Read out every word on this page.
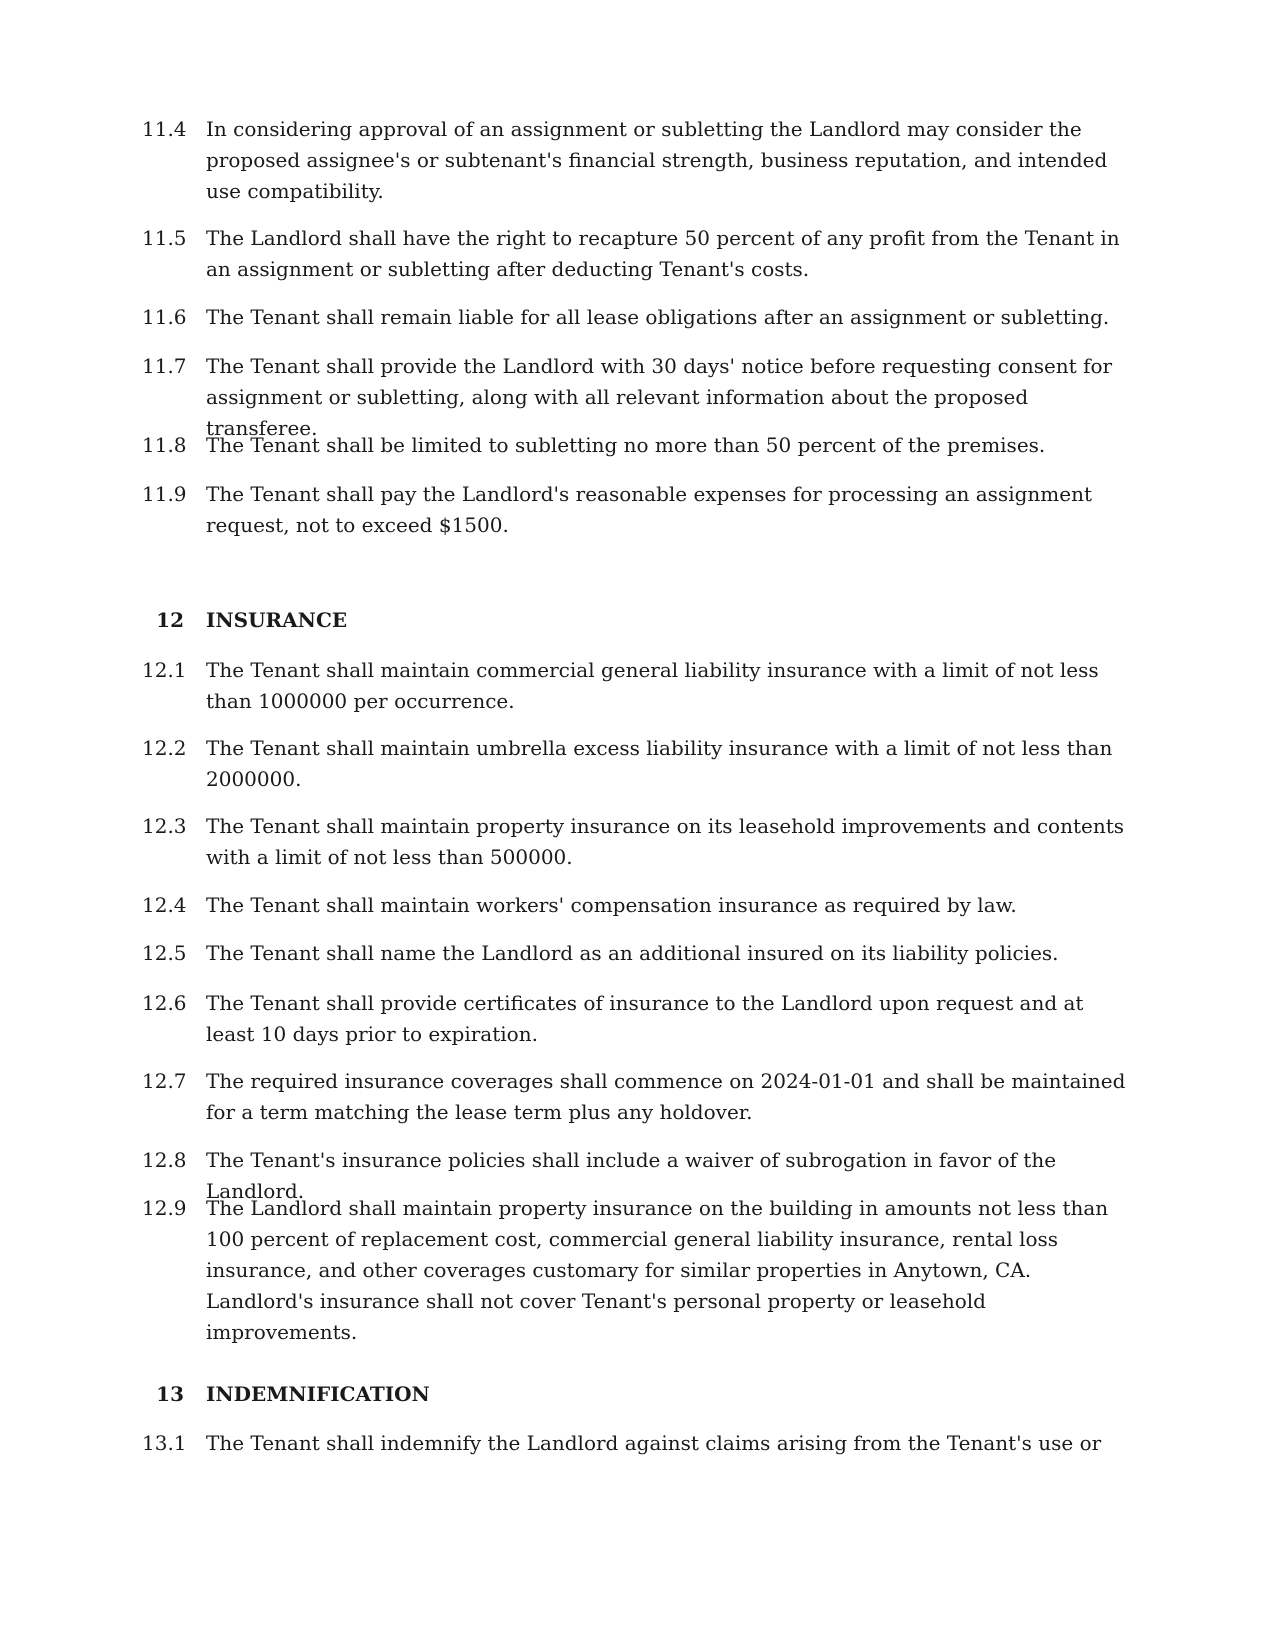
11.4 In considering approval of an assignment or subletting the Landlord may consider the proposed assignee's or subtenant's financial strength, business reputation, and intended use compatibility.
11.5 The Landlord shall have the right to recapture 50 percent of any profit from the Tenant in an assignment or subletting after deducting Tenant's costs.
11.6 The Tenant shall remain liable for all lease obligations after an assignment or subletting.
11.7 The Tenant shall provide the Landlord with 30 days' notice before requesting consent for assignment or subletting, along with all relevant information about the proposed transferee.
11.8 The Tenant shall be limited to subletting no more than 50 percent of the premises.
11.9 The Tenant shall pay the Landlord's reasonable expenses for processing an assignment request, not to exceed $1500.
12 INSURANCE
12.1 The Tenant shall maintain commercial general liability insurance with a limit of not less than 1000000 per occurrence.
12.2 The Tenant shall maintain umbrella excess liability insurance with a limit of not less than 2000000.
12.3 The Tenant shall maintain property insurance on its leasehold improvements and contents with a limit of not less than 500000.
12.4 The Tenant shall maintain workers' compensation insurance as required by law.
12.5 The Tenant shall name the Landlord as an additional insured on its liability policies.
12.6 The Tenant shall provide certificates of insurance to the Landlord upon request and at least 10 days prior to expiration.
12.7 The required insurance coverages shall commence on 2024-01-01 and shall be maintained for a term matching the lease term plus any holdover.
12.8 The Tenant's insurance policies shall include a waiver of subrogation in favor of the Landlord.
12.9 The Landlord shall maintain property insurance on the building in amounts not less than 100 percent of replacement cost, commercial general liability insurance, rental loss insurance, and other coverages customary for similar properties in Anytown, CA. Landlord's insurance shall not cover Tenant's personal property or leasehold improvements.
13 INDEMNIFICATION
13.1 The Tenant shall indemnify the Landlord against claims arising from the Tenant's use or
